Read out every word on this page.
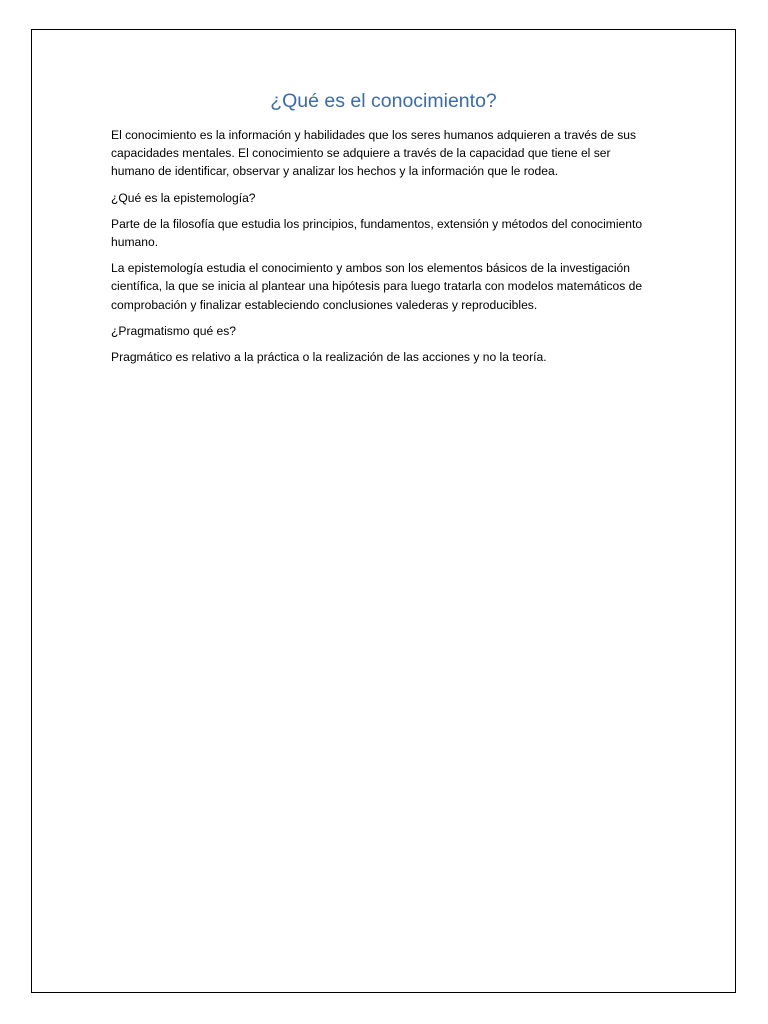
¿Qué es el conocimiento?

El conocimiento es la información y habilidades que los seres humanos adquieren a través de sus capacidades mentales. El conocimiento se adquiere a través de la capacidad que tiene el ser humano de identificar, observar y analizar los hechos y la información que le rodea.

¿Qué es la epistemología?

Parte de la filosofía que estudia los principios, fundamentos, extensión y métodos del conocimiento humano.

La epistemología estudia el conocimiento y ambos son los elementos básicos de la investigación científica, la que se inicia al plantear una hipótesis para luego tratarla con modelos matemáticos de comprobación y finalizar estableciendo conclusiones valederas y reproducibles.

¿Pragmatismo qué es?

Pragmático es relativo a la práctica o la realización de las acciones y no la teoría.
